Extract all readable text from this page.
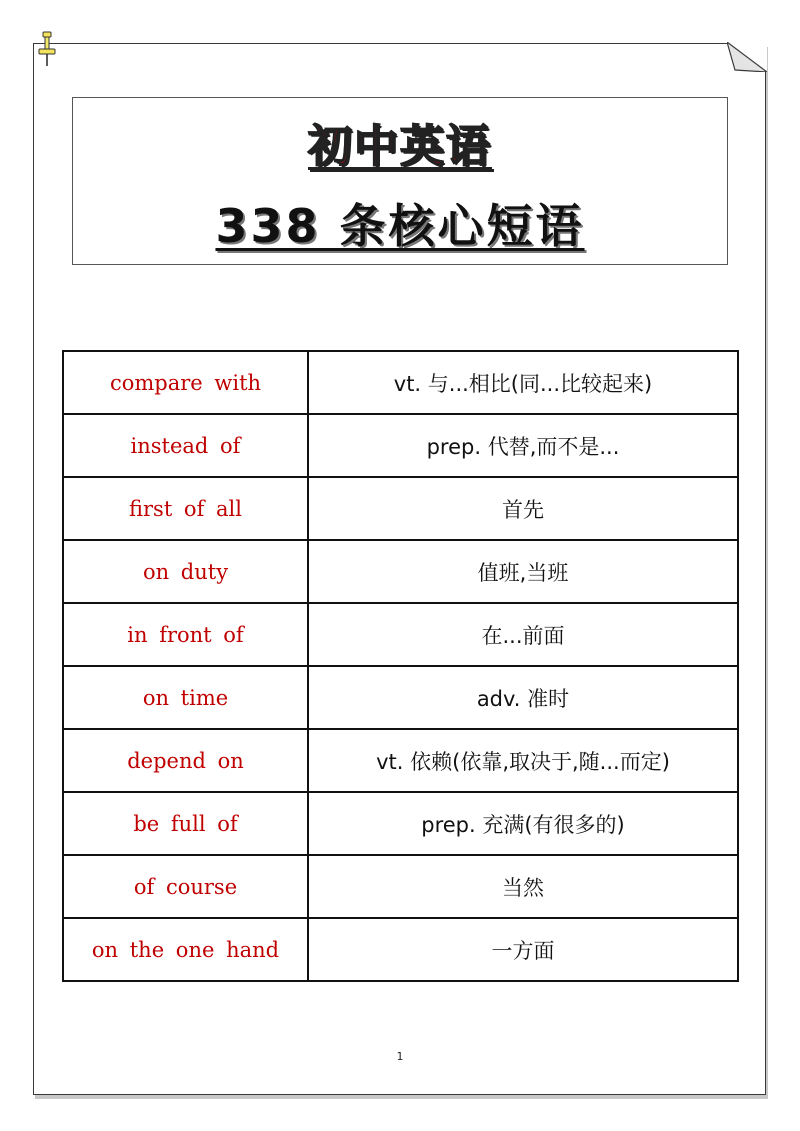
初中英语
338 条核心短语
compare with	vt. 与...相比(同...比较起来)
instead of	prep. 代替,而不是...
first of all	首先
on duty	值班,当班
in front of	在...前面
on time	adv. 准时
depend on	vt. 依赖(依靠,取决于,随...而定)
be full of	prep. 充满(有很多的)
of course	当然
on the one hand	一方面
1
